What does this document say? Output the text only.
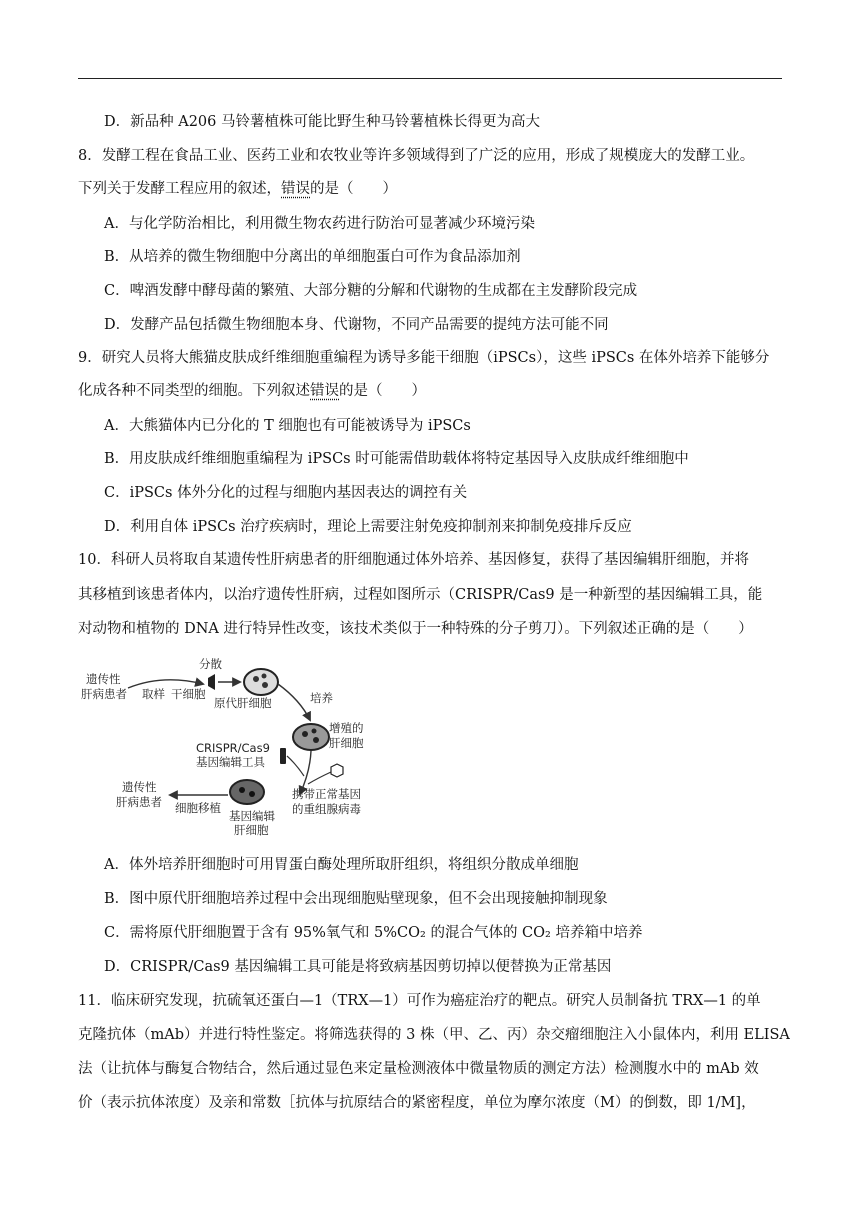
D．新品种 A206 马铃薯植株可能比野生种马铃薯植株长得更为高大
8．发酵工程在食品工业、医药工业和农牧业等许多领域得到了广泛的应用，形成了规模庞大的发酵工业。
下列关于发酵工程应用的叙述，错误的是（　　）
A．与化学防治相比，利用微生物农药进行防治可显著减少环境污染
B．从培养的微生物细胞中分离出的单细胞蛋白可作为食品添加剂
C．啤酒发酵中酵母菌的繁殖、大部分糖的分解和代谢物的生成都在主发酵阶段完成
D．发酵产品包括微生物细胞本身、代谢物，不同产品需要的提纯方法可能不同
9．研究人员将大熊猫皮肤成纤维细胞重编程为诱导多能干细胞（iPSCs），这些 iPSCs 在体外培养下能够分
化成各种不同类型的细胞。下列叙述错误的是（　　）
A．大熊猫体内已分化的 T 细胞也有可能被诱导为 iPSCs
B．用皮肤成纤维细胞重编程为 iPSCs 时可能需借助载体将特定基因导入皮肤成纤维细胞中
C．iPSCs 体外分化的过程与细胞内基因表达的调控有关
D．利用自体 iPSCs 治疗疾病时，理论上需要注射免疫抑制剂来抑制免疫排斥反应
10．科研人员将取自某遗传性肝病患者的肝细胞通过体外培养、基因修复，获得了基因编辑肝细胞，并将
其移植到该患者体内，以治疗遗传性肝病，过程如图所示（CRISPR/Cas9 是一种新型的基因编辑工具，能
对动物和植物的 DNA 进行特异性改变，该技术类似于一种特殊的分子剪刀）。下列叙述正确的是（　　）
遗传性
肝病患者 取样 干细胞
分散
原代肝细胞	培养
增殖的
肝细胞
CRISPR/Cas9
基因编辑工具
携带正常基因
的重组腺病毒
基因编辑
肝细胞
细胞移植
遗传性
肝病患者
A．体外培养肝细胞时可用胃蛋白酶处理所取肝组织，将组织分散成单细胞
B．图中原代肝细胞培养过程中会出现细胞贴壁现象，但不会出现接触抑制现象
C．需将原代肝细胞置于含有 95%氧气和 5%CO₂ 的混合气体的 CO₂ 培养箱中培养
D．CRISPR/Cas9 基因编辑工具可能是将致病基因剪切掉以便替换为正常基因
11．临床研究发现，抗硫氧还蛋白—1（TRX—1）可作为癌症治疗的靶点。研究人员制备抗 TRX—1 的单
克隆抗体（mAb）并进行特性鉴定。将筛选获得的 3 株（甲、乙、丙）杂交瘤细胞注入小鼠体内，利用 ELISA
法（让抗体与酶复合物结合，然后通过显色来定量检测液体中微量物质的测定方法）检测腹水中的 mAb 效
价（表示抗体浓度）及亲和常数［抗体与抗原结合的紧密程度，单位为摩尔浓度（M）的倒数，即 1/M]，
